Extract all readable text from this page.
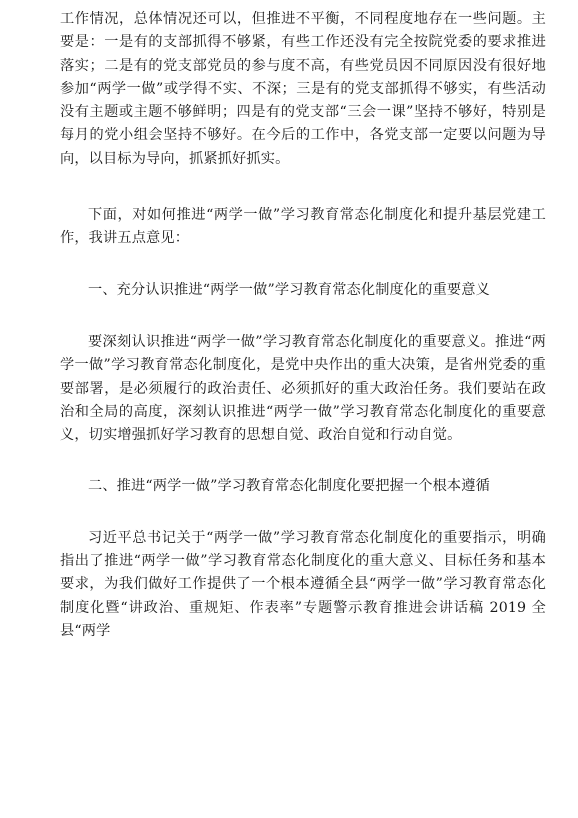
工作情况，总体情况还可以，但推进不平衡，不同程度地存在一些问题。主要是：一是有的支部抓得不够紧，有些工作还没有完全按院党委的要求推进落实；二是有的党支部党员的参与度不高，有些党员因不同原因没有很好地参加“两学一做”或学得不实、不深；三是有的党支部抓得不够实，有些活动没有主题或主题不够鲜明；四是有的党支部“三会一课”坚持不够好，特别是每月的党小组会坚持不够好。在今后的工作中，各党支部一定要以问题为导向，以目标为导向，抓紧抓好抓实。

下面，对如何推进“两学一做”学习教育常态化制度化和提升基层党建工作，我讲五点意见：

一、充分认识推进“两学一做”学习教育常态化制度化的重要意义

要深刻认识推进“两学一做”学习教育常态化制度化的重要意义。推进“两学一做”学习教育常态化制度化，是党中央作出的重大决策，是省州党委的重要部署，是必须履行的政治责任、必须抓好的重大政治任务。我们要站在政治和全局的高度，深刻认识推进“两学一做”学习教育常态化制度化的重要意义，切实增强抓好学习教育的思想自觉、政治自觉和行动自觉。

二、推进“两学一做”学习教育常态化制度化要把握一个根本遵循

习近平总书记关于“两学一做”学习教育常态化制度化的重要指示，明确指出了推进“两学一做”学习教育常态化制度化的重大意义、目标任务和基本要求，为我们做好工作提供了一个根本遵循全县“两学一做”学习教育常态化制度化暨“讲政治、重规矩、作表率”专题警示教育推进会讲话稿 2019 全县“两学
